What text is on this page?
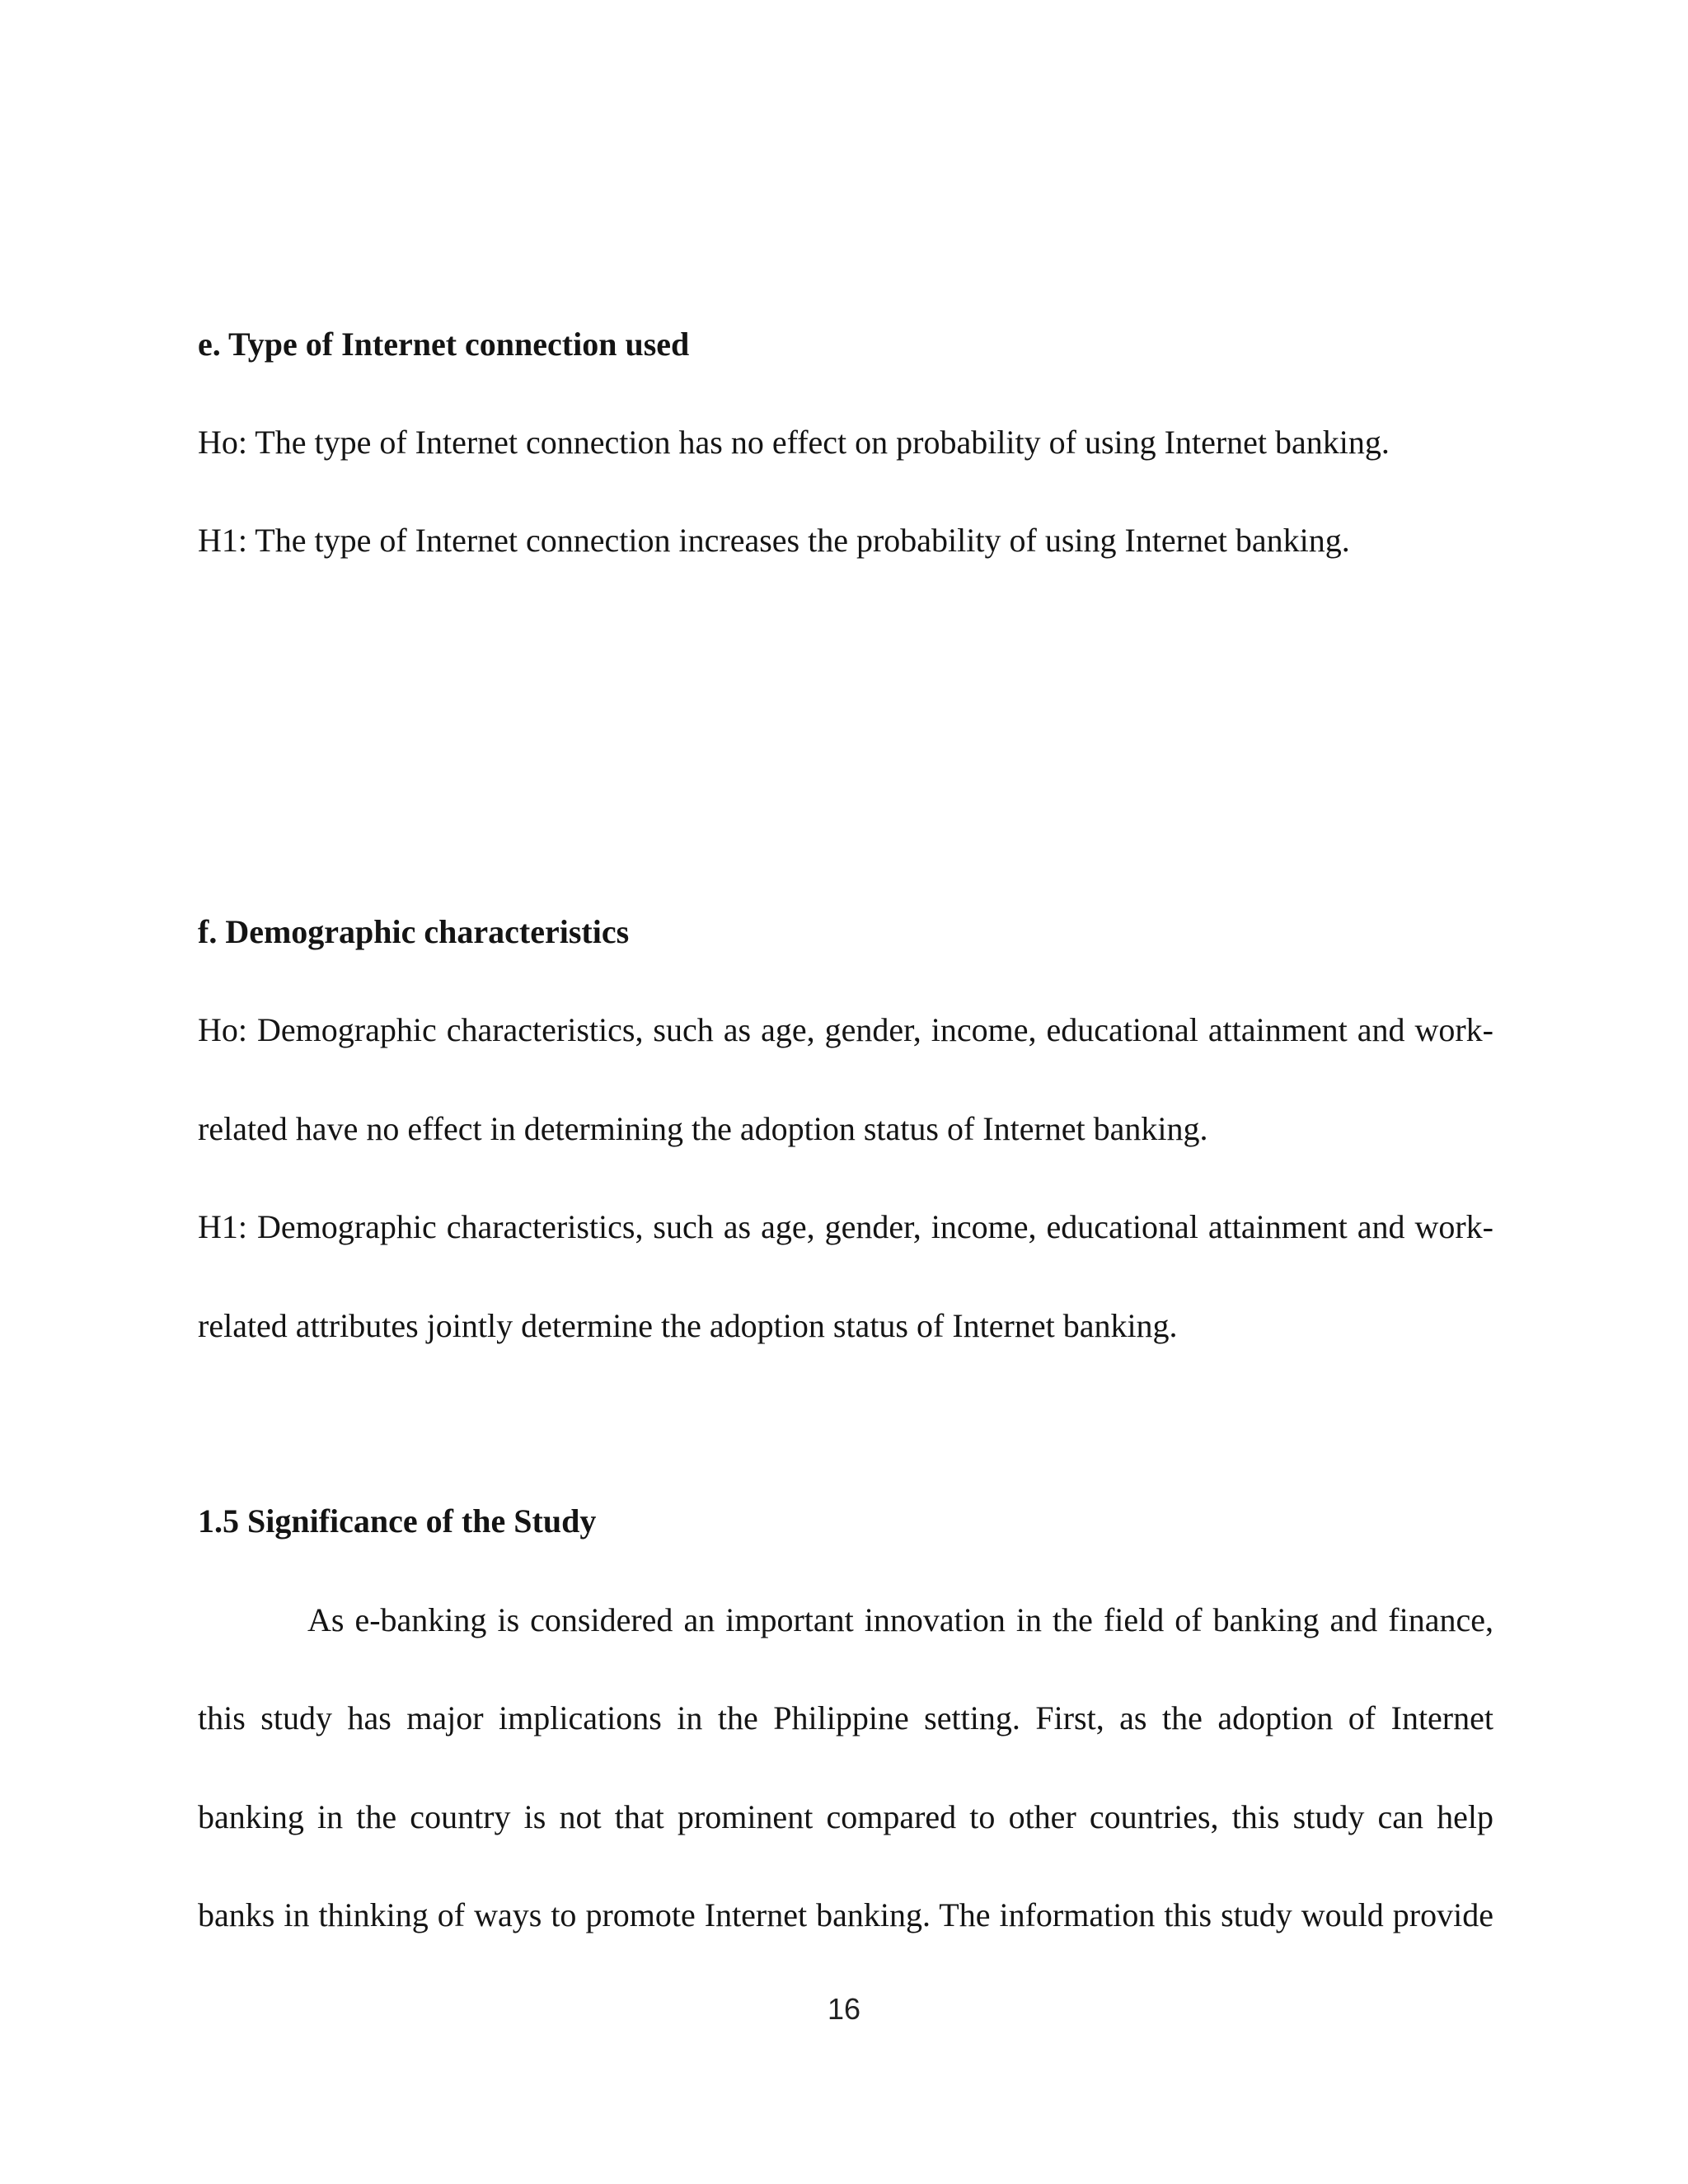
e. Type of Internet connection used
Ho: The type of Internet connection has no effect on probability of using Internet banking.
H1: The type of Internet connection increases the probability of using Internet banking.
f. Demographic characteristics
Ho: Demographic characteristics, such as age, gender, income, educational attainment and work-
related have no effect in determining the adoption status of Internet banking.
H1: Demographic characteristics, such as age, gender, income, educational attainment and work-
related attributes jointly determine the adoption status of Internet banking.
1.5 Significance of the Study
As e-banking is considered an important innovation in the field of banking and finance,
this study has major implications in the Philippine setting. First, as the adoption of Internet
banking in the country is not that prominent compared to other countries, this study can help
banks in thinking of ways to promote Internet banking. The information this study would provide
16
